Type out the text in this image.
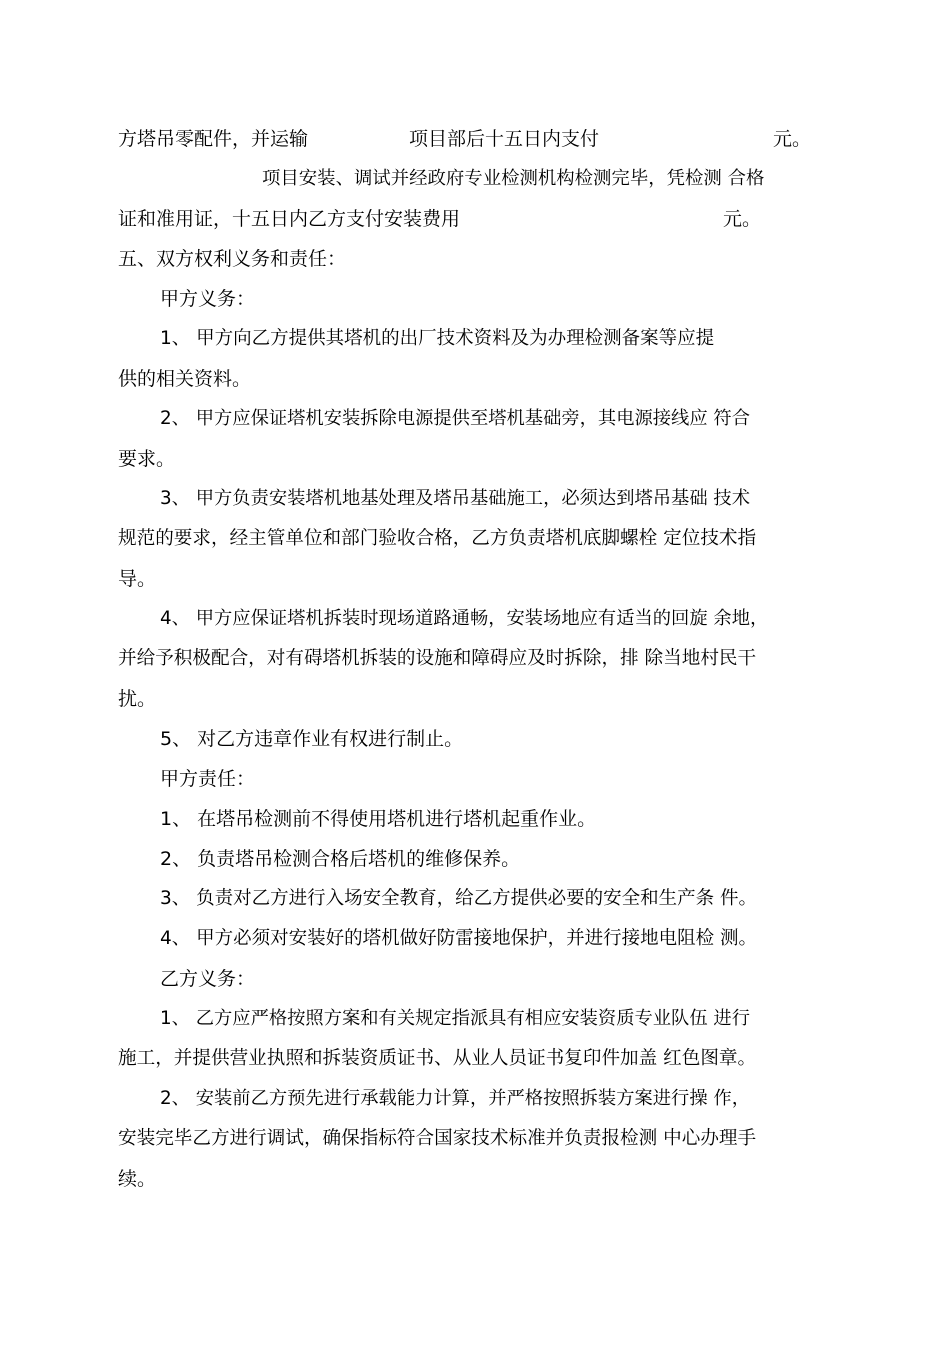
方塔吊零配件，并运输	项目部后十五日内支付	元。

项目安装、调试并经政府专业检测机构检测完毕，凭检测 合格

证和准用证，十五日内乙方支付安装费用	元。

五、双方权利义务和责任：

甲方义务：

1、 甲方向乙方提供其塔机的出厂技术资料及为办理检测备案等应提

供的相关资料。

2、 甲方应保证塔机安装拆除电源提供至塔机基础旁，其电源接线应 符合

要求。

3、 甲方负责安装塔机地基处理及塔吊基础施工，必须达到塔吊基础 技术

规范的要求，经主管单位和部门验收合格，乙方负责塔机底脚螺栓 定位技术指

导。

4、 甲方应保证塔机拆装时现场道路通畅，安装场地应有适当的回旋 余地，

并给予积极配合，对有碍塔机拆装的设施和障碍应及时拆除，排 除当地村民干

扰。

5、 对乙方违章作业有权进行制止。

甲方责任：

1、 在塔吊检测前不得使用塔机进行塔机起重作业。

2、 负责塔吊检测合格后塔机的维修保养。

3、 负责对乙方进行入场安全教育，给乙方提供必要的安全和生产条 件。

4、 甲方必须对安装好的塔机做好防雷接地保护，并进行接地电阻检 测。

乙方义务：

1、 乙方应严格按照方案和有关规定指派具有相应安装资质专业队伍 进行

施工，并提供营业执照和拆装资质证书、从业人员证书复印件加盖 红色图章。

2、 安装前乙方预先进行承载能力计算，并严格按照拆装方案进行操 作，

安装完毕乙方进行调试，确保指标符合国家技术标准并负责报检测 中心办理手

续。
